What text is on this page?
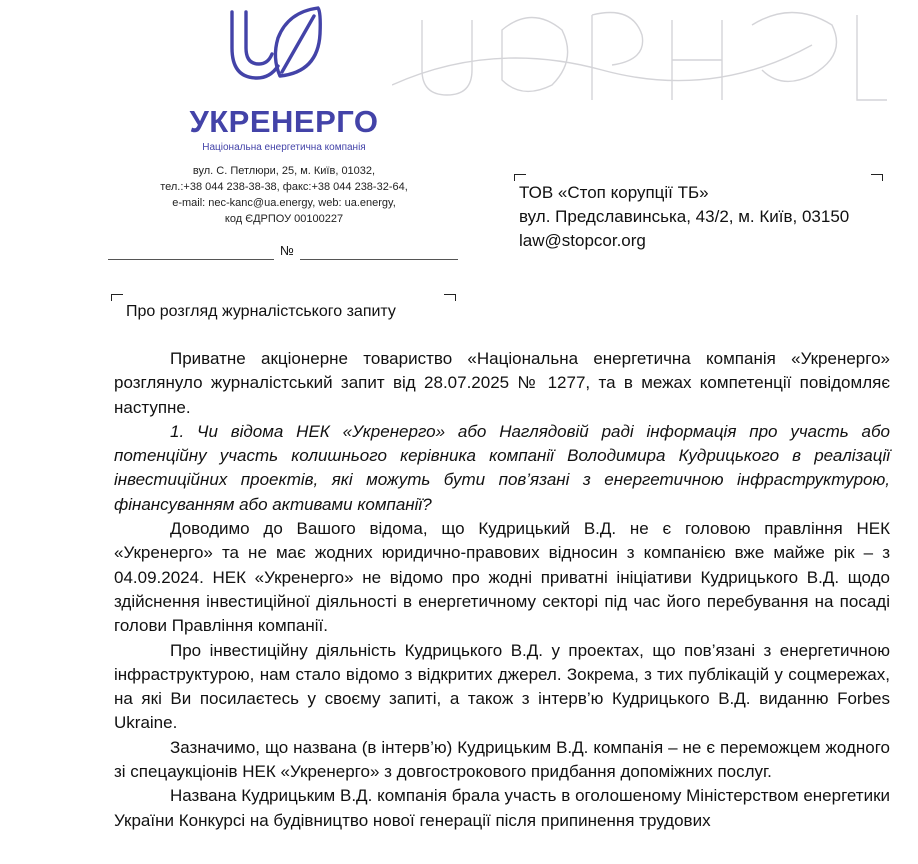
УКРЕНЕРГО
Національна енергетична компанія
вул. С. Петлюри, 25, м. Київ, 01032,
тел.:+38 044 238-38-38, факс:+38 044 238-32-64,
e-mail: nec-kanc@ua.energy, web: ua.energy,
код ЄДРПОУ 00100227
№
ТОВ «Стоп корупції ТБ»
вул. Предславинська, 43/2, м. Київ, 03150
law@stopcor.org
Про розгляд журналістського запиту

Приватне акціонерне товариство «Національна енергетична компанія «Укренерго» розглянуло журналістський запит від 28.07.2025 № 1277, та в межах компетенції повідомляє наступне.

1. Чи відома НЕК «Укренерго» або Наглядовій раді інформація про участь або потенційну участь колишнього керівника компанії Володимира Кудрицького в реалізації інвестиційних проектів, які можуть бути пов’язані з енергетичною інфраструктурою, фінансуванням або активами компанії?

Доводимо до Вашого відома, що Кудрицький В.Д. не є головою правління НЕК «Укренерго» та не має жодних юридично-правових відносин з компанією вже майже рік – з 04.09.2024. НЕК «Укренерго» не відомо про жодні приватні ініціативи Кудрицького В.Д. щодо здійснення інвестиційної діяльності в енергетичному секторі під час його перебування на посаді голови Правління компанії.

Про інвестиційну діяльність Кудрицького В.Д. у проектах, що пов’язані з енергетичною інфраструктурою, нам стало відомо з відкритих джерел. Зокрема, з тих публікацій у соцмережах, на які Ви посилаєтесь у своєму запиті, а також з інтерв’ю Кудрицького В.Д. виданню Forbes Ukraine.

Зазначимо, що названа (в інтерв’ю) Кудрицьким В.Д. компанія – не є переможцем жодного зі спецаукціонів НЕК «Укренерго» з довгострокового придбання допоміжних послуг.

Названа Кудрицьким В.Д. компанія брала участь в оголошеному Міністерством енергетики України Конкурсі на будівництво нової генерації після припинення трудових
